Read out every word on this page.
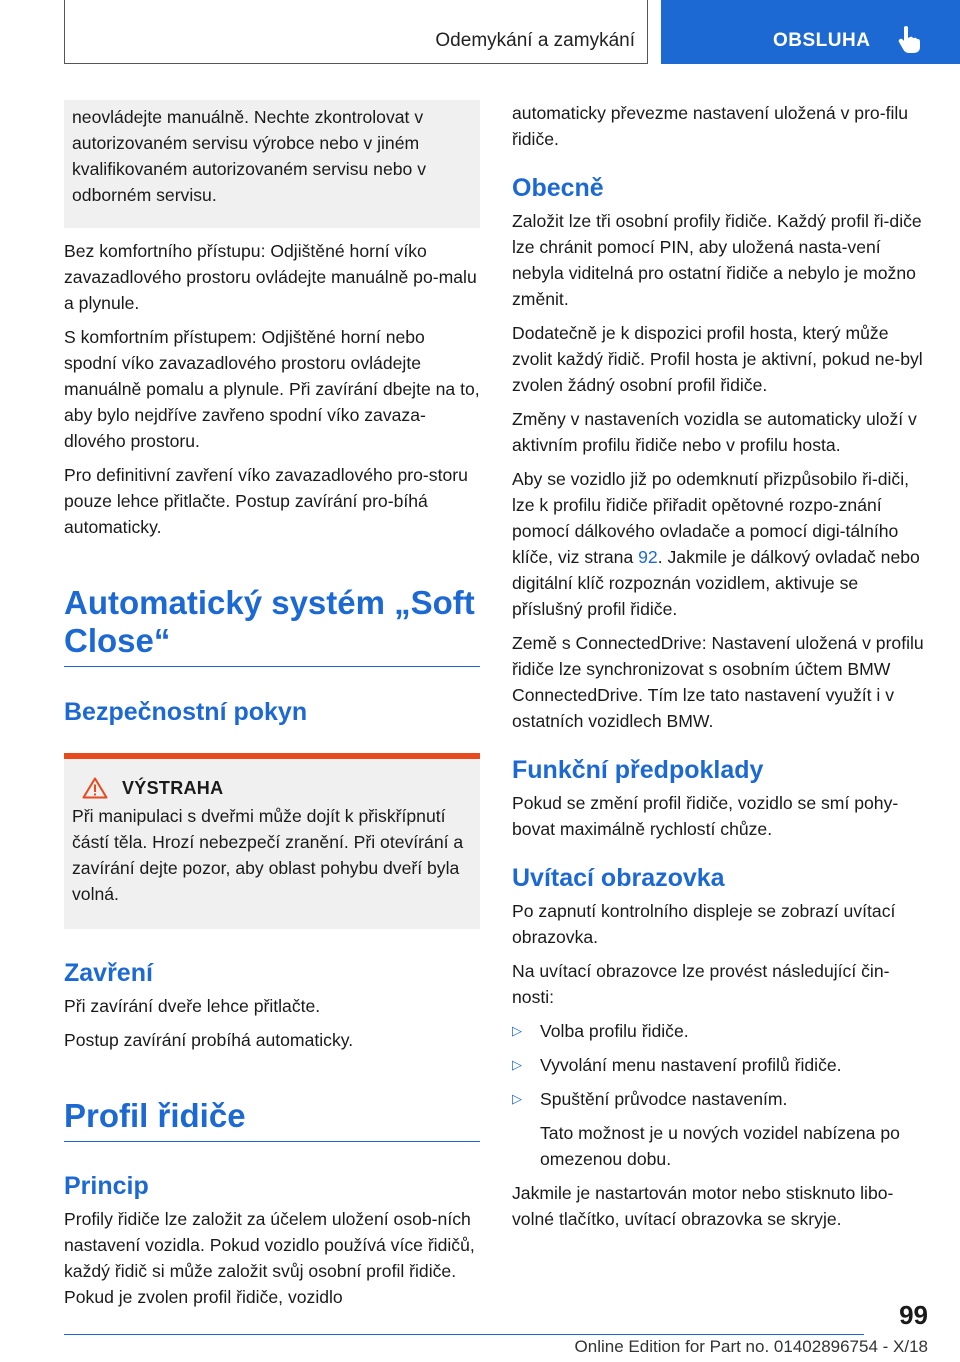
Odemykání a zamykání	OBSLUHA

neovládejte manuálně. Nechte zkontrolovat v autorizovaném servisu výrobce nebo v jiném kvalifikovaném autorizovaném servisu nebo v odborném servisu.

Bez komfortního přístupu: Odjištěné horní víko zavazadlového prostoru ovládejte manuálně po‐malu a plynule.

S komfortním přístupem: Odjištěné horní nebo spodní víko zavazadlového prostoru ovládejte manuálně pomalu a plynule. Při zavírání dbejte na to, aby bylo nejdříve zavřeno spodní víko zavaza‐dlového prostoru.

Pro definitivní zavření víko zavazadlového pro‐storu pouze lehce přitlačte. Postup zavírání pro‐bíhá automaticky.

Automatický systém „Soft Close“
Bezpečnostní pokyn
VÝSTRAHA

Při manipulaci s dveřmi může dojít k přiskřípnutí částí těla. Hrozí nebezpečí zranění. Při otevírání a zavírání dejte pozor, aby oblast pohybu dveří byla volná.

Zavření

Při zavírání dveře lehce přitlačte.

Postup zavírání probíhá automaticky.

Profil řidiče
Princip

Profily řidiče lze založit za účelem uložení osob‐ních nastavení vozidla. Pokud vozidlo používá více řidičů, každý řidič si může založit svůj osobní profil řidiče. Pokud je zvolen profil řidiče, vozidlo

automaticky převezme nastavení uložená v pro‐filu řidiče.

Obecně

Založit lze tři osobní profily řidiče. Každý profil ři‐diče lze chránit pomocí PIN, aby uložená nasta‐vení nebyla viditelná pro ostatní řidiče a nebylo je možno změnit.

Dodatečně je k dispozici profil hosta, který může zvolit každý řidič. Profil hosta je aktivní, pokud ne‐byl zvolen žádný osobní profil řidiče.

Změny v nastaveních vozidla se automaticky uloží v aktivním profilu řidiče nebo v profilu hosta.

Aby se vozidlo již po odemknutí přizpůsobilo ři‐diči, lze k profilu řidiče přiřadit opětovné rozpo‐znání pomocí dálkového ovladače a pomocí digi‐tálního klíče, viz strana 92. Jakmile je dálkový ovladač nebo digitální klíč rozpoznán vozidlem, aktivuje se příslušný profil řidiče.

Země s ConnectedDrive: Nastavení uložená v profilu řidiče lze synchronizovat s osobním účtem BMW ConnectedDrive. Tím lze tato nastavení využít i v ostatních vozidlech BMW.

Funkční předpoklady

Pokud se změní profil řidiče, vozidlo se smí pohy‐bovat maximálně rychlostí chůze.

Uvítací obrazovka

Po zapnutí kontrolního displeje se zobrazí uvítací obrazovka.

Na uvítací obrazovce lze provést následující čin‐nosti:

▷ Volba profilu řidiče.
▷ Vyvolání menu nastavení profilů řidiče.
▷ Spuštění průvodce nastavením.

Tato možnost je u nových vozidel nabízena po omezenou dobu.

Jakmile je nastartován motor nebo stisknuto libo‐volné tlačítko, uvítací obrazovka se skryje.

99
Online Edition for Part no. 01402896754 - X/18
